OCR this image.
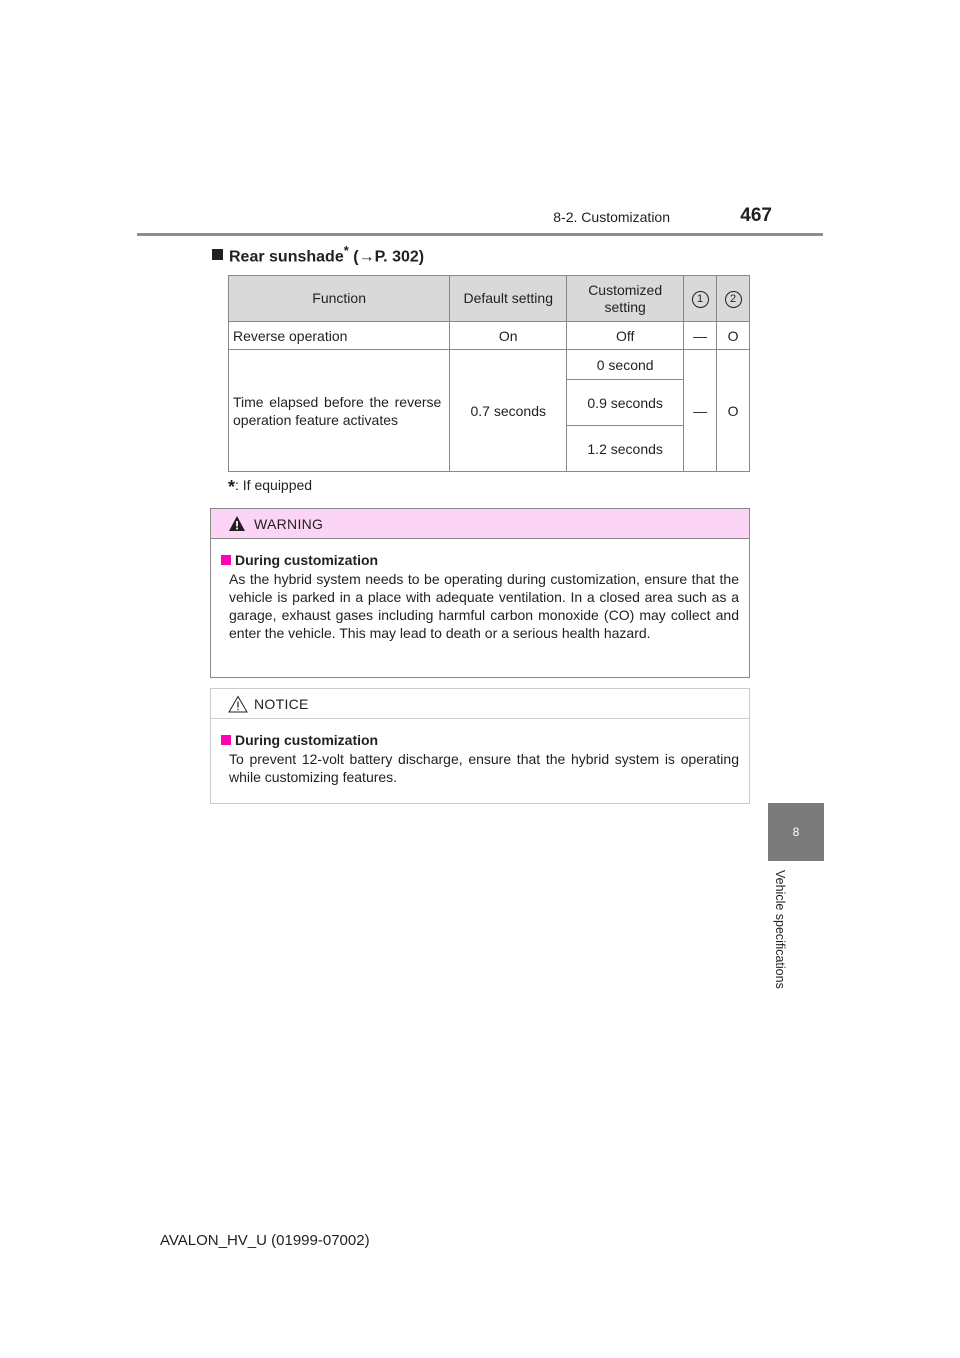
8-2. Customization	467
8
Vehicle specifications
Rear sunshade* (→P. 302)
Function	Default setting	Customized setting	1	2
Reverse operation	On	Off	—	O
Time elapsed before the reverse operation feature activates	0.7 seconds	0 second	—	O
		0.9 seconds		
		1.2 seconds		
*: If equipped
WARNING
During customization
As the hybrid system needs to be operating during customization, ensure that the vehicle is parked in a place with adequate ventilation. In a closed area such as a garage, exhaust gases including harmful carbon monoxide (CO) may collect and enter the vehicle. This may lead to death or a serious health hazard.
NOTICE
During customization
To prevent 12-volt battery discharge, ensure that the hybrid system is operating while customizing features.
AVALON_HV_U (01999-07002)
